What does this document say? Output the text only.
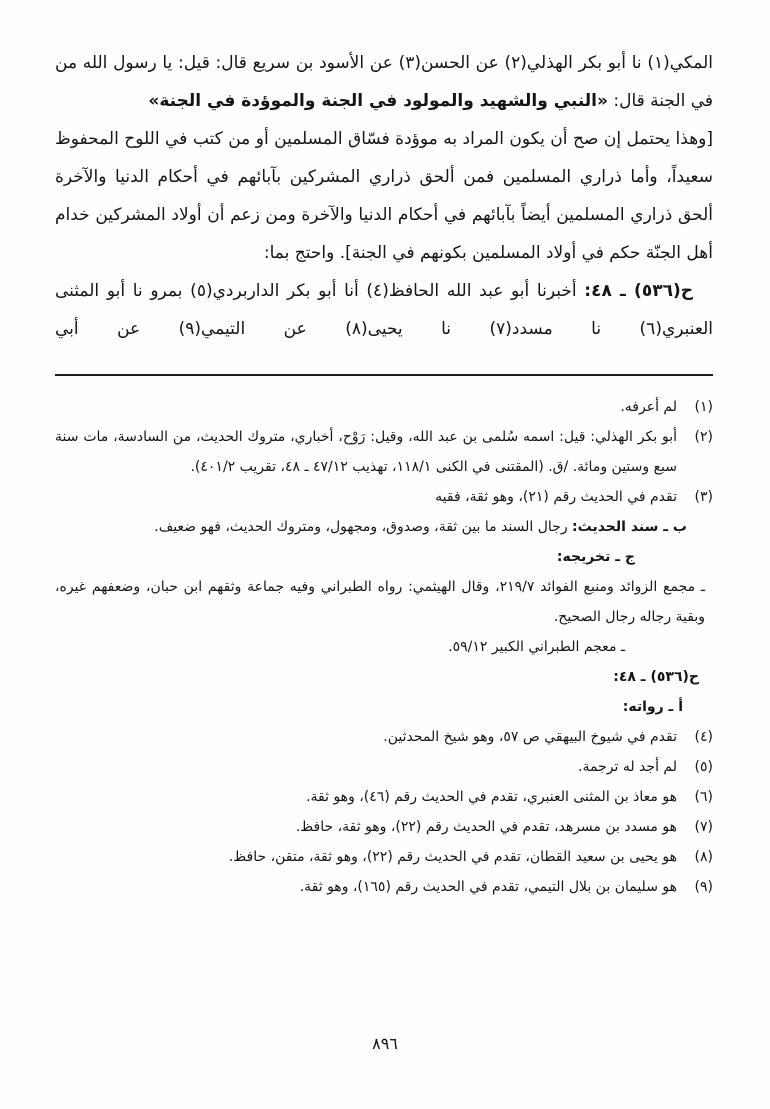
المكي(١) نا أبو بكر الهذلي(٢) عن الحسن(٣) عن الأسود بن سريع قال: قيل: يا رسول الله من في الجنة قال: «النبي والشهيد والمولود في الجنة والموؤدة في الجنة»

[وهذا يحتمل إن صح أن يكون المراد به موؤدة فسّاق المسلمين أو من كتب في اللوح المحفوظ سعيداً، وأما ذراري المسلمين فمن ألحق ذراري المشركين بآبائهم في أحكام الدنيا والآخرة ألحق ذراري المسلمين أيضاً بآبائهم في أحكام الدنيا والآخرة ومن زعم أن أولاد المشركين خدام أهل الجنّة حكم في أولاد المسلمين بكونهم في الجنة]. واحتج بما:

ح(٥٣٦) ـ ٤٨: أخبرنا أبو عبد الله الحافظ(٤) أنا أبو بكر الداربردي(٥) بمرو نا أبو المثنى العنبري(٦) نا مسدد(٧) نا يحيى(٨) عن التيمي(٩) عن أبي

(١)
لم أعرفه.
(٢)
أبو بكر الهذلي: قيل: اسمه سُلمى بن عبد الله، وقيل: رَوْح، أخباري، متروك الحديث، من السادسة، مات سنة سبع وستين ومائة. /ق. (المقتنى في الكنى ١١٨/١، تهذيب ٤٧/١٢ ـ ٤٨، تقريب ٤٠١/٢).
(٣)
تقدم في الحديث رقم (٢١)، وهو ثقة، فقيه
ب ـ سند الحديث: رجال السند ما بين ثقة، وصدوق، ومجهول، ومتروك الحديث، فهو ضعيف.
ج ـ تخريجه:
ـ مجمع الزوائد ومنبع الفوائد ٢١٩/٧، وقال الهيثمي: رواه الطبراني وفيه جماعة وثقهم ابن حبان، وضعفهم غيره، وبقية رجاله رجال الصحيح.
ـ معجم الطبراني الكبير ٥٩/١٢.
ح(٥٣٦) ـ ٤٨:
أ ـ رواته:
(٤)
تقدم في شيوخ البيهقي ص ٥٧، وهو شيخ المحدثين.
(٥)
لم أجد له ترجمة.
(٦)
هو معاذ بن المثنى العنبري، تقدم في الحديث رقم (٤٦)، وهو ثقة.
(٧)
هو مسدد بن مسرهد، تقدم في الحديث رقم (٢٢)، وهو ثقة، حافظ.
(٨)
هو يحيى بن سعيد القطان، تقدم في الحديث رقم (٢٢)، وهو ثقة، متقن، حافظ.
(٩)
هو سليمان بن بلال التيمي، تقدم في الحديث رقم (١٦٥)، وهو ثقة.
٨٩٦
